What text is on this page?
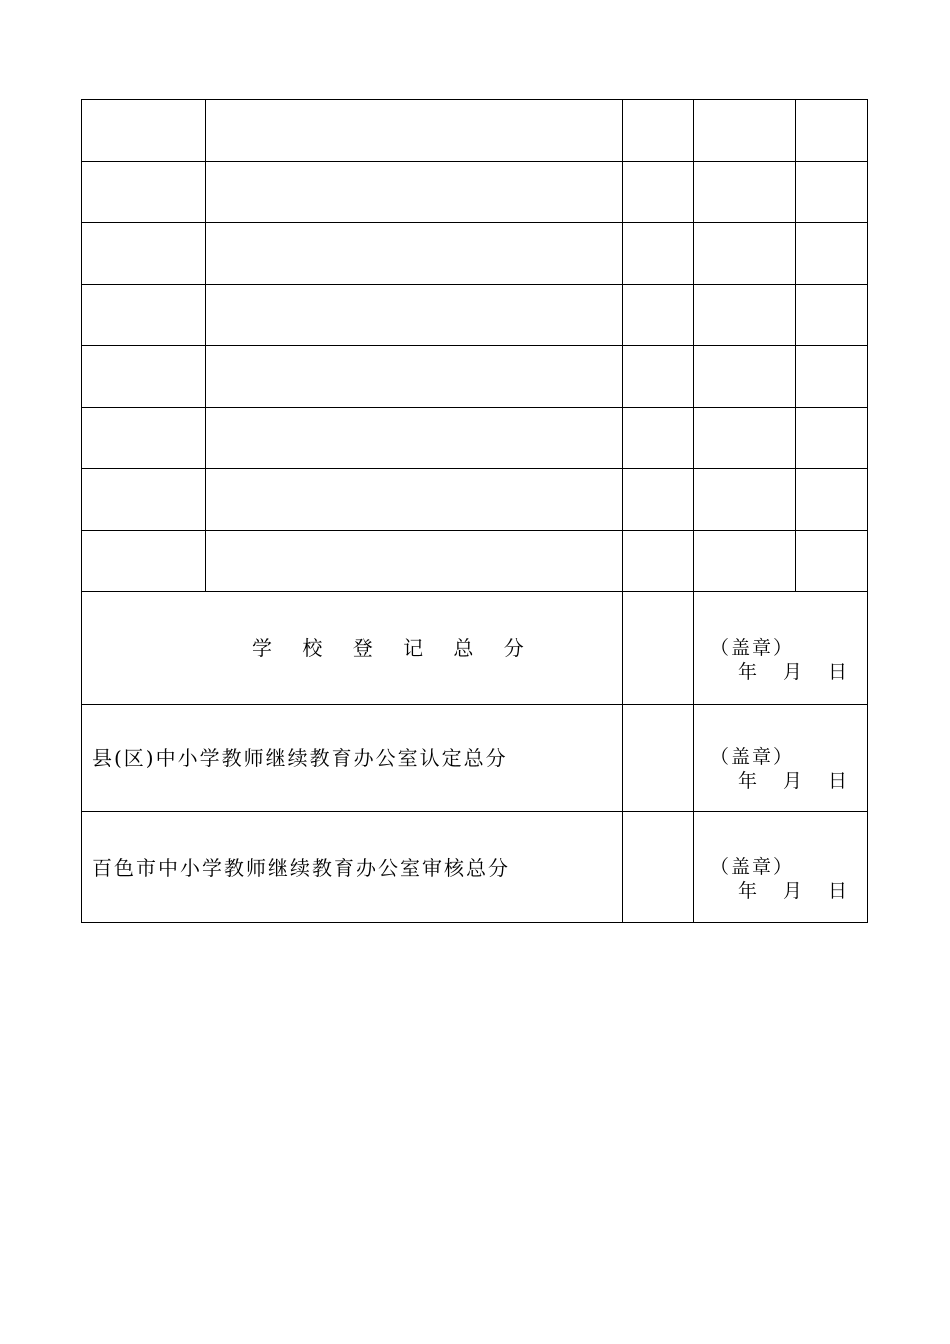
学 校 登 记 总 分	（盖章）
年 月 日
县(区)中小学教师继续教育办公室认定总分	（盖章）
年 月 日
百色市中小学教师继续教育办公室审核总分	（盖章）
年 月 日
